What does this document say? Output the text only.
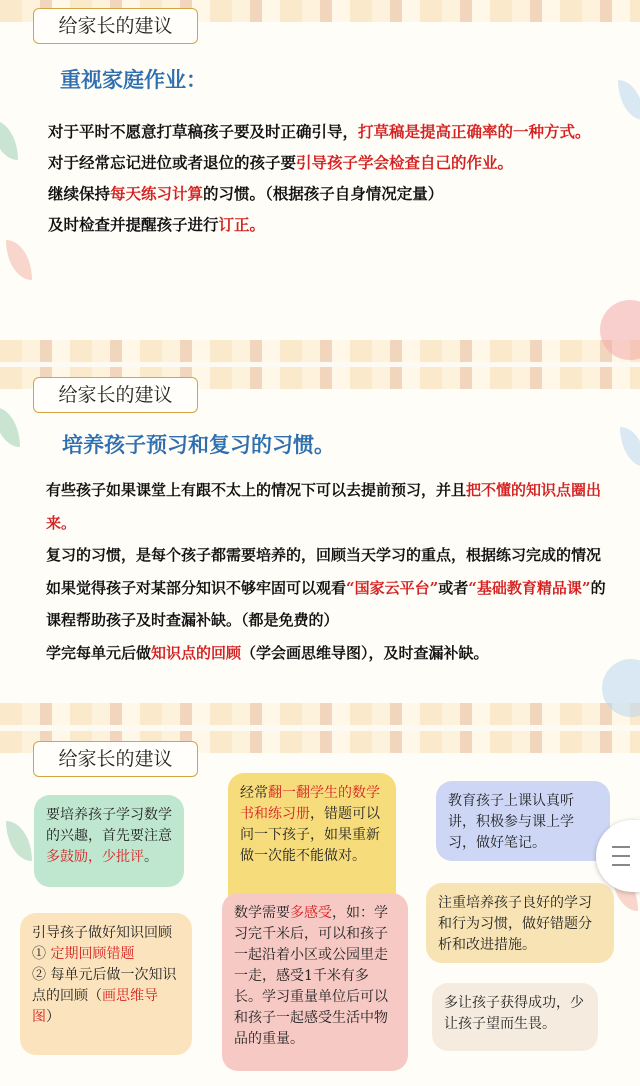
给家长的建议
重视家庭作业：
对于平时不愿意打草稿孩子要及时正确引导，打草稿是提高正确率的一种方式。
对于经常忘记进位或者退位的孩子要引导孩子学会检查自己的作业。
继续保持每天练习计算的习惯。（根据孩子自身情况定量）
及时检查并提醒孩子进行订正。
给家长的建议
培养孩子预习和复习的习惯。
有些孩子如果课堂上有跟不太上的情况下可以去提前预习，并且把不懂的知识点圈出来。
复习的习惯，是每个孩子都需要培养的，回顾当天学习的重点，根据练习完成的情况
如果觉得孩子对某部分知识不够牢固可以观看“国家云平台”或者“基础教育精品课”的课程帮助孩子及时查漏补缺。（都是免费的）
学完每单元后做知识点的回顾（学会画思维导图），及时查漏补缺。
给家长的建议
要培养孩子学习数学的兴趣，首先要注意多鼓励，少批评。
引导孩子做好知识回顾
① 定期回顾错题
② 每单元后做一次知识点的回顾（画思维导图）
经常翻一翻学生的数学书和练习册，错题可以问一下孩子，如果重新做一次能不能做对。
数学需要多感受，如：学习完千米后，可以和孩子一起沿着小区或公园里走一走，感受1千米有多长。学习重量单位后可以和孩子一起感受生活中物品的重量。
教育孩子上课认真听讲，积极参与课上学习，做好笔记。
注重培养孩子良好的学习和行为习惯，做好错题分析和改进措施。
多让孩子获得成功，少让孩子望而生畏。
